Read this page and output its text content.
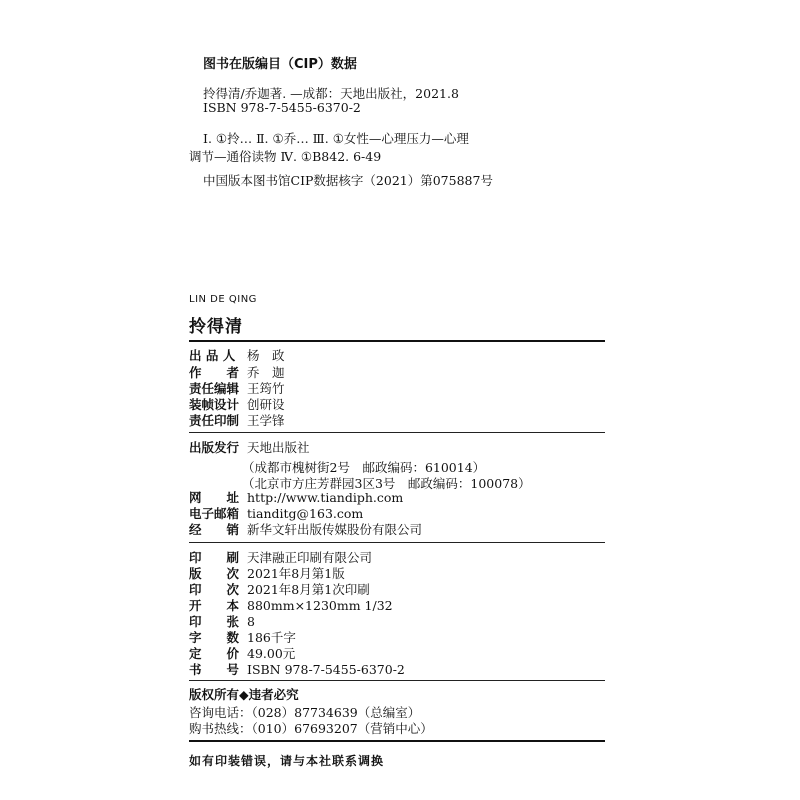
图书在版编目（CIP）数据
拎得清/乔迦著. —成都：天地出版社，2021.8
ISBN 978-7-5455-6370-2
Ⅰ. ①拎… Ⅱ. ①乔… Ⅲ. ①女性—心理压力—心理
调节—通俗读物 Ⅳ. ①B842. 6-49
中国版本图书馆CIP数据核字（2021）第075887号
LIN DE QING
拎得清
出 品 人 杨　政
作　　者 乔　迦
责任编辑 王筠竹
装帧设计 创研设
责任印制 王学锋
出版发行 天地出版社
（成都市槐树街2号　邮政编码：610014）
（北京市方庄芳群园3区3号　邮政编码：100078）
网　　址 http://www.tiandiph.com
电子邮箱 tianditg@163.com
经　　销 新华文轩出版传媒股份有限公司
印　　刷 天津融正印刷有限公司
版　　次 2021年8月第1版
印　　次 2021年8月第1次印刷
开　　本 880mm×1230mm 1/32
印　　张 8
字　　数 186千字
定　　价 49.00元
书　　号 ISBN 978-7-5455-6370-2
版权所有◆违者必究
咨询电话：（028）87734639（总编室）
购书热线：（010）67693207（营销中心）
如有印装错误，请与本社联系调换
